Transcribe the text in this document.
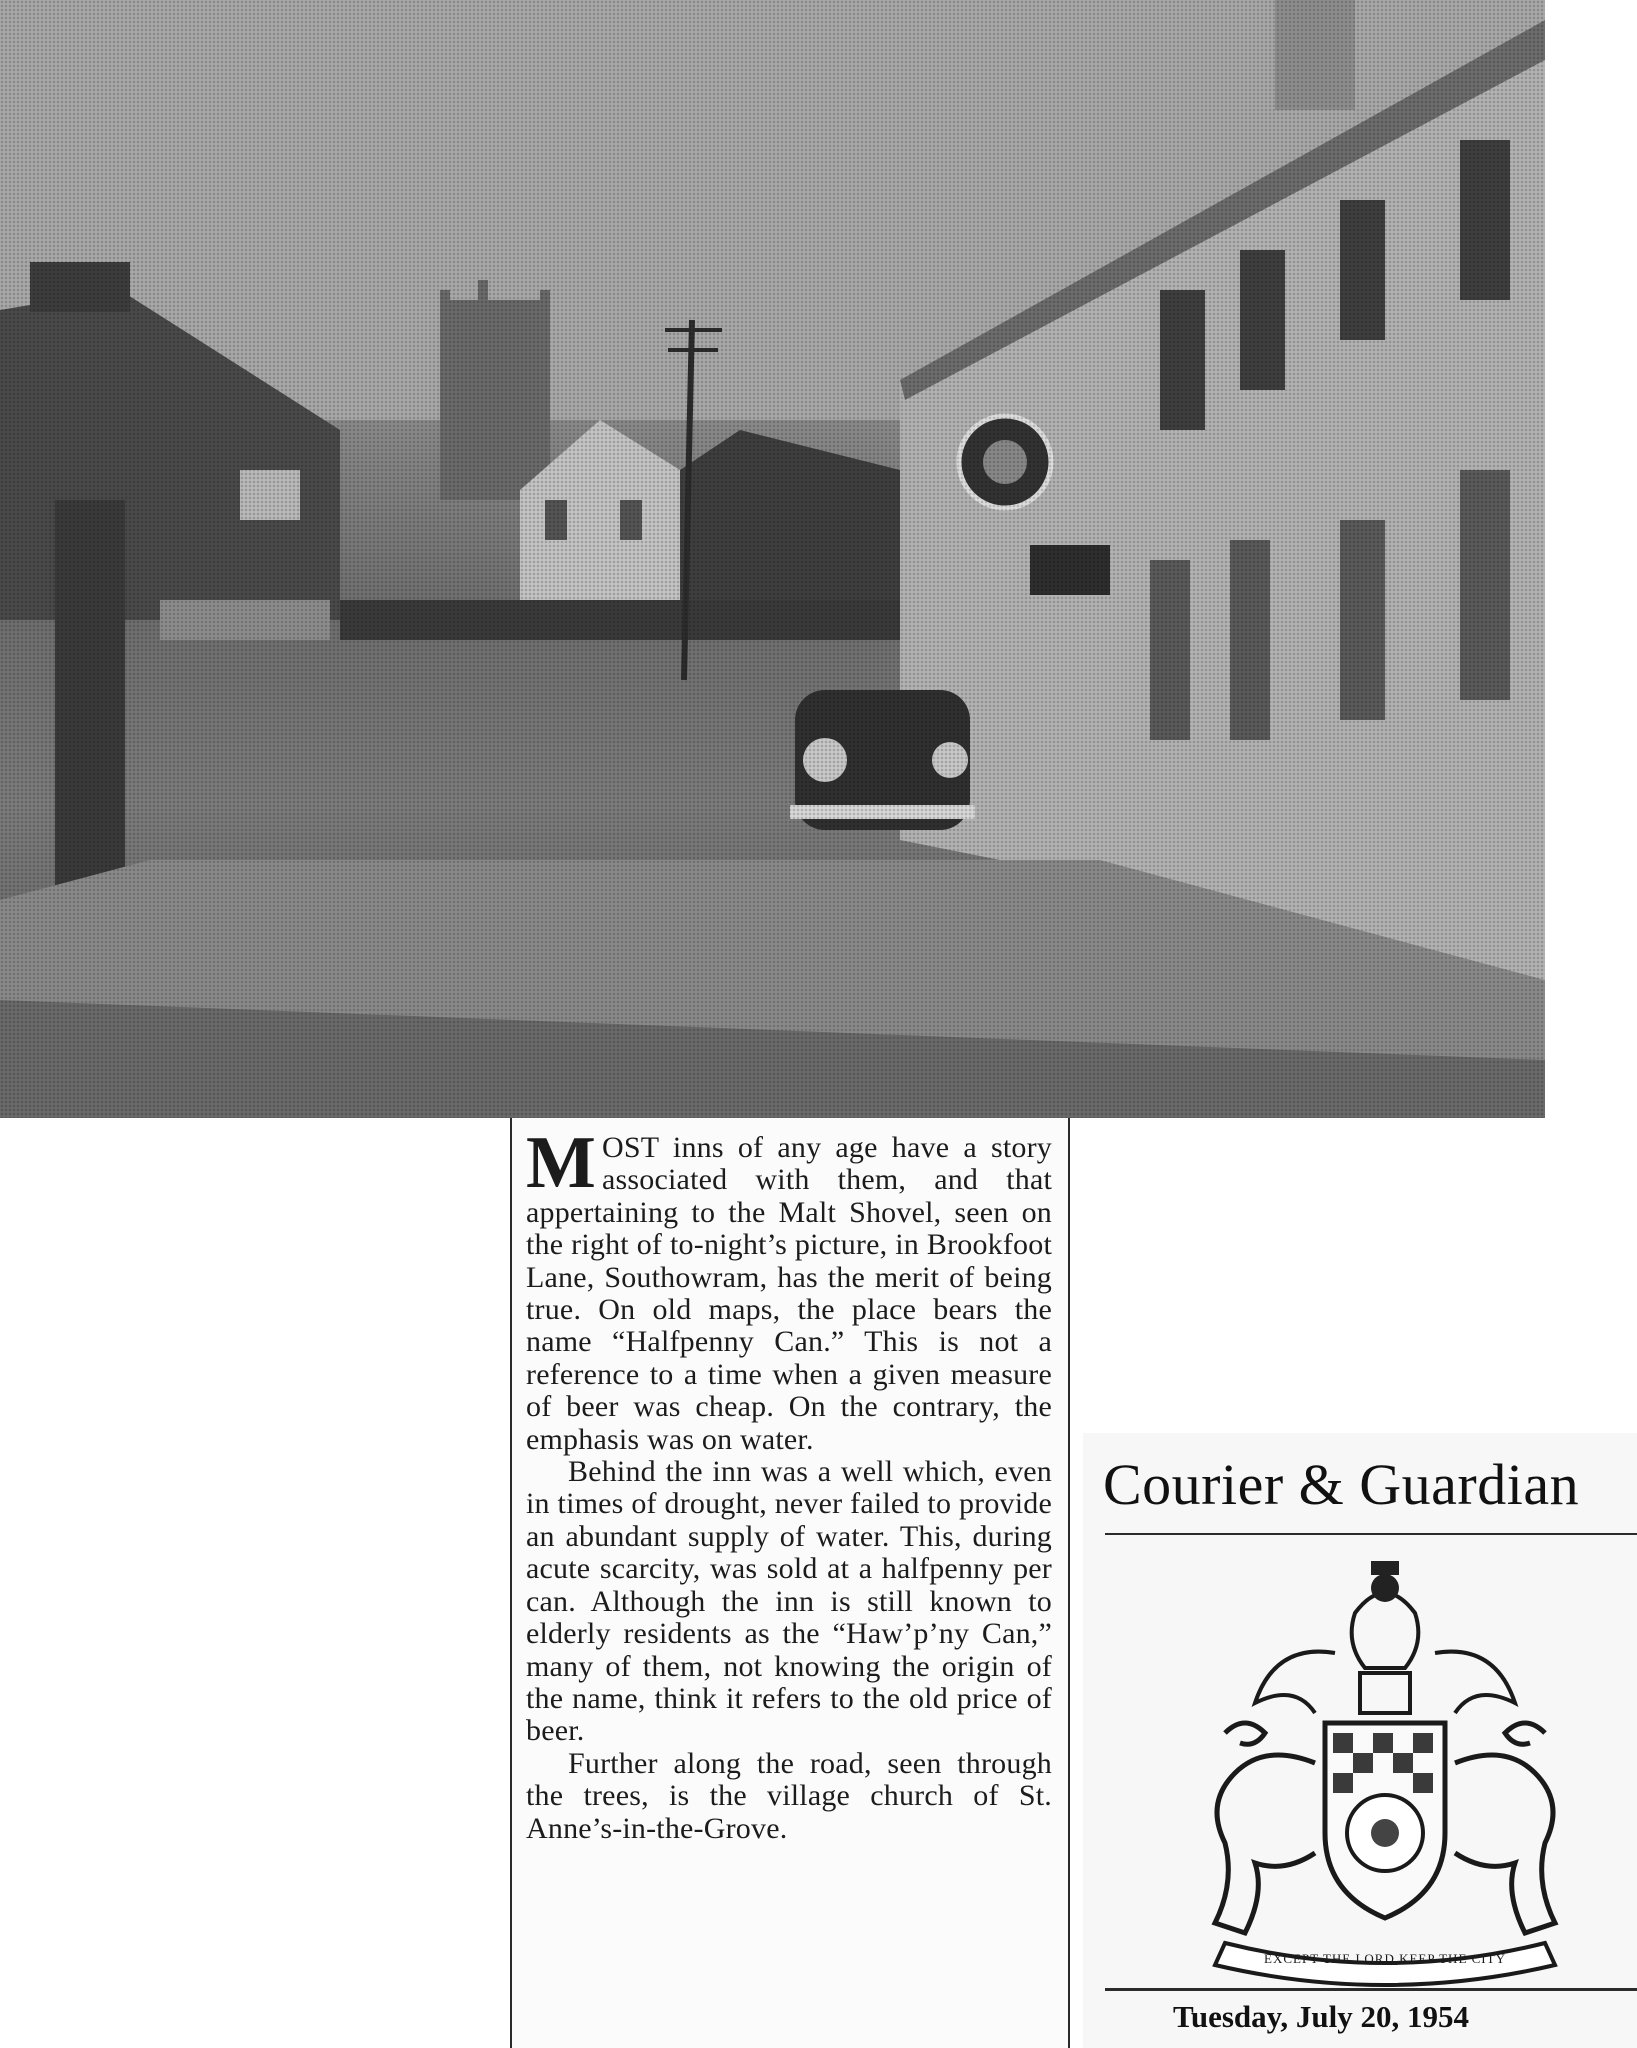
MOST inns of any age have a story associated with them, and that appertaining to the Malt Shovel, seen on the right of to-night’s picture, in Brookfoot Lane, Southowram, has the merit of being true. On old maps, the place bears the name “Halfpenny Can.” This is not a reference to a time when a given measure of beer was cheap. On the contrary, the emphasis was on water.

Behind the inn was a well which, even in times of drought, never failed to provide an abundant supply of water. This, during acute scarcity, was sold at a halfpenny per can. Although the inn is still known to elderly residents as the “Haw’p’ny Can,” many of them, not knowing the origin of the name, think it refers to the old price of beer.

Further along the road, seen through the trees, is the village church of St. Anne’s-in-the-Grove.

Courier & Guardian
EXCEPT THE LORD KEEP THE CITY
Tuesday, July 20, 1954
